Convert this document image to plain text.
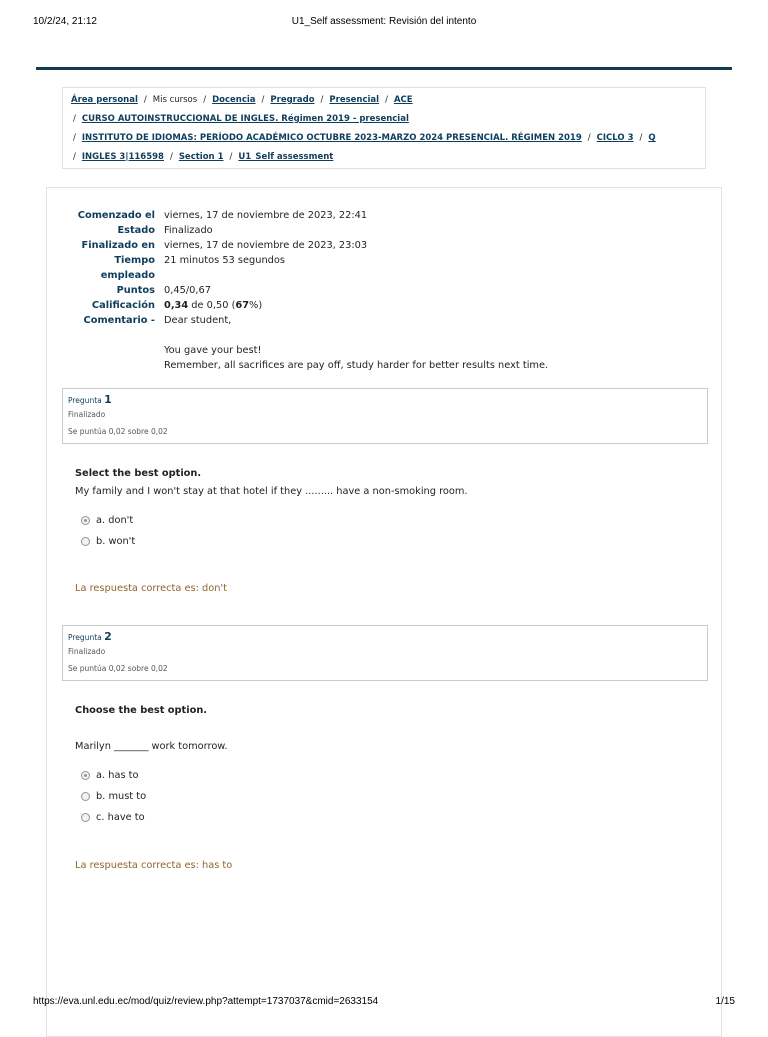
10/2/24, 21:12	U1_Self assessment: Revisión del intento
Área personal / Mis cursos / Docencia / Pregrado / Presencial / ACE
/ CURSO AUTOINSTRUCCIONAL DE INGLES. Régimen 2019 - presencial
/ INSTITUTO DE IDIOMAS: PERÍODO ACADÉMICO OCTUBRE 2023-MARZO 2024 PRESENCIAL. RÉGIMEN 2019 / CICLO 3 / Q
/ INGLES 3|116598 / Section 1 / U1_Self assessment
Comenzado el viernes, 17 de noviembre de 2023, 22:41
Estado Finalizado
Finalizado en viernes, 17 de noviembre de 2023, 23:03
Tiempo
empleado
21 minutos 53 segundos
Puntos 0,45/0,67
Calificación 0,34 de 0,50 (67%)
Comentario - Dear student,

You gave your best!
Remember, all sacrifices are pay off, study harder for better results next time.
Pregunta 1
Finalizado
Se puntúa 0,02 sobre 0,02
Select the best option.
My family and I won't stay at that hotel if they ......... have a non-smoking room.
a. don't
b. won't
La respuesta correcta es: don't
Pregunta 2
Finalizado
Se puntúa 0,02 sobre 0,02
Choose the best option.
Marilyn _______ work tomorrow.
a. has to
b. must to
c. have to
La respuesta correcta es: has to
https://eva.unl.edu.ec/mod/quiz/review.php?attempt=1737037&cmid=2633154	1/15
